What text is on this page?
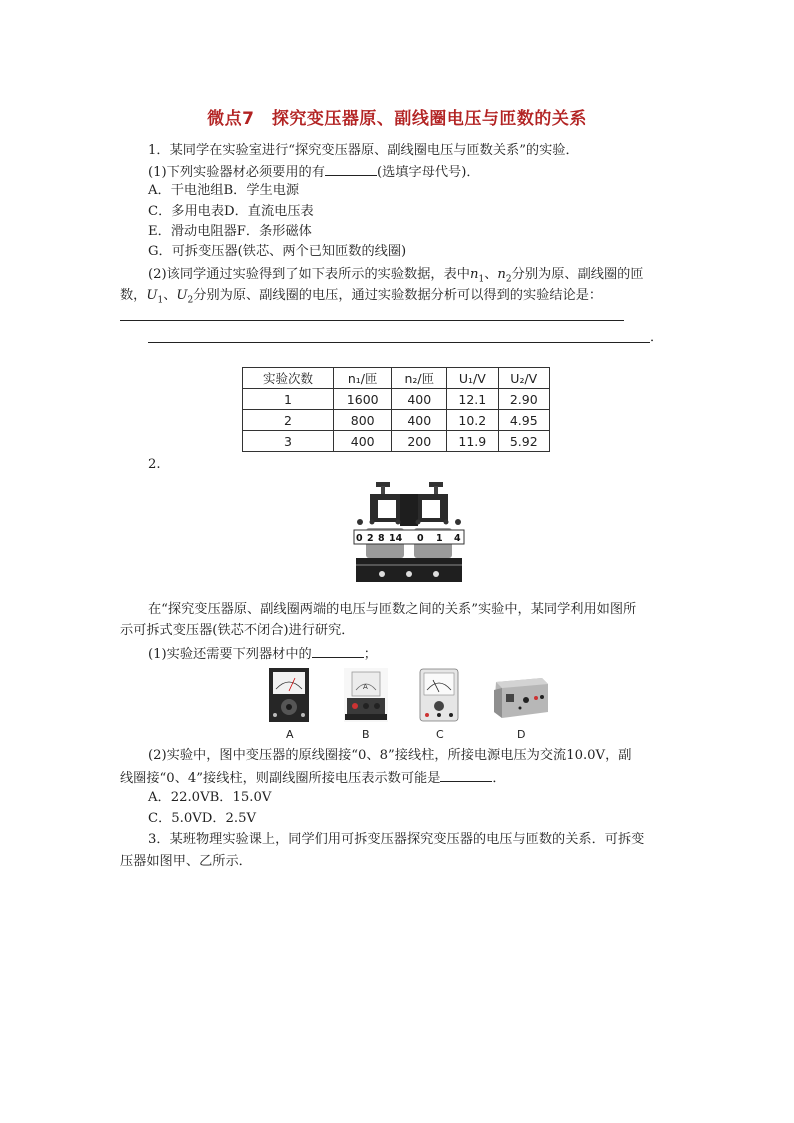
微点7　探究变压器原、副线圈电压与匝数的关系
1．某同学在实验室进行“探究变压器原、副线圈电压与匝数关系”的实验．
(1)下列实验器材必须要用的有	(选填字母代号)．
A．干电池组B．学生电源
C．多用电表D．直流电压表
E．滑动电阻器F．条形磁体
G．可拆变压器(铁芯、两个已知匝数的线圈)
(2)该同学通过实验得到了如下表所示的实验数据，表中$n_1$、$n_2$分别为原、副线圈的匝
数，$U_1$、$U_2$分别为原、副线圈的电压，通过实验数据分析可以得到的实验结论是：
．
实验次数	n₁/匝	n₂/匝	U₁/V	U₂/V
1	1600	400	12.1	2.90
2	800	400	10.2	4.95
3	400	200	11.9	5.92
2.
0 2 8 14 0 1 4
在“探究变压器原、副线圈两端的电压与匝数之间的关系”实验中，某同学利用如图所
示可拆式变压器(铁芯不闭合)进行研究．
(1)实验还需要下列器材中的	；
A
A	B	C	D
(2)实验中，图中变压器的原线圈接“0、8”接线柱，所接电源电压为交流10.0V，副
线圈接“0、4”接线柱，则副线圈所接电压表示数可能是	．
A．22.0VB．15.0V
C．5.0VD．2.5V
3．某班物理实验课上，同学们用可拆变压器探究变压器的电压与匝数的关系．可拆变
压器如图甲、乙所示．
